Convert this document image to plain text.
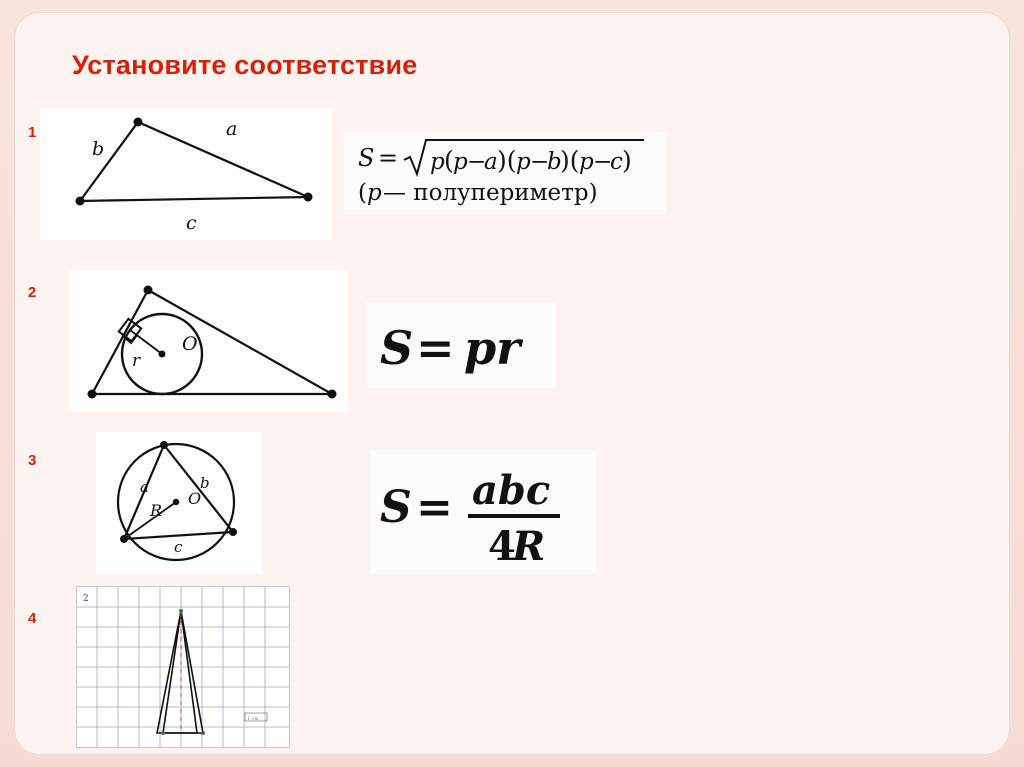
Установите соответствие
1	a
b
c
S = p ( p −
a )( p −
b
)( p −
c )
( p — полупериметр)
2
r
O	S = pr
3
a	b
c
R
O	S = abc
4
R
4
2
1 см
